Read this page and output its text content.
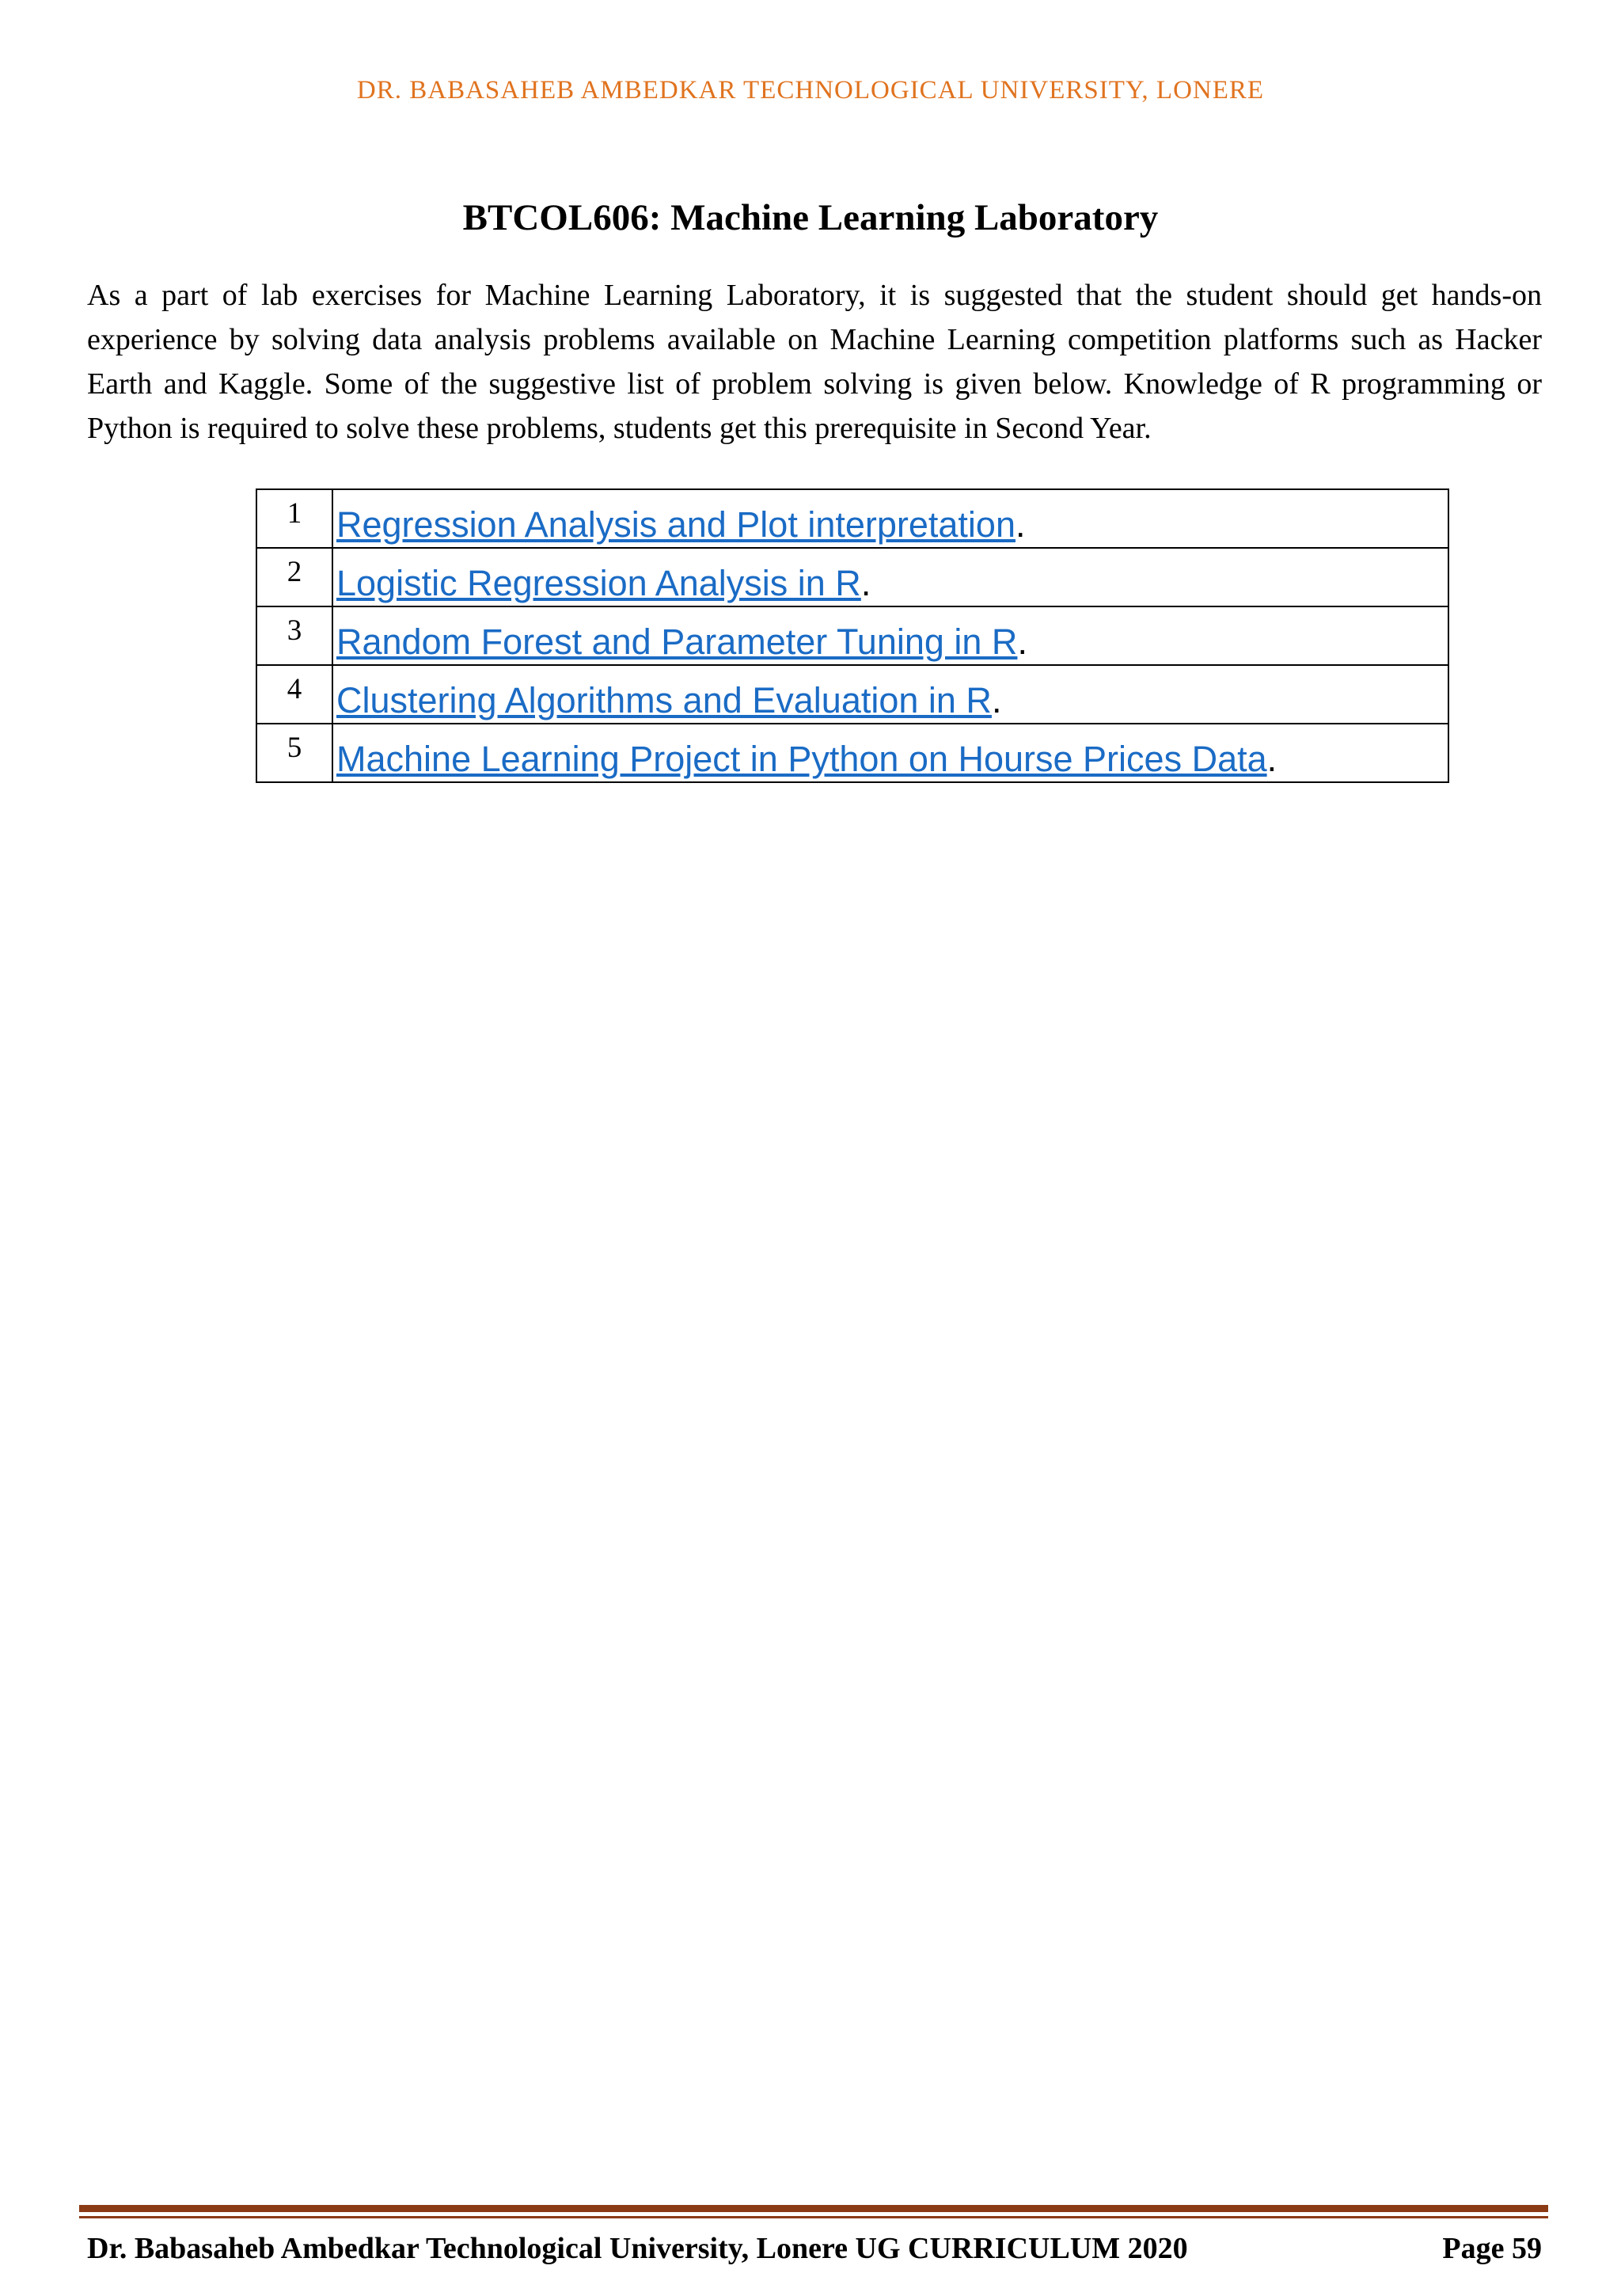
DR. BABASAHEB AMBEDKAR TECHNOLOGICAL UNIVERSITY, LONERE
BTCOL606: Machine Learning Laboratory

As a part of lab exercises for Machine Learning Laboratory, it is suggested that the student should get hands-on experience by solving data analysis problems available on Machine Learning competition platforms such as Hacker Earth and Kaggle. Some of the suggestive list of problem solving is given below. Knowledge of R programming or Python is required to solve these problems, students get this prerequisite in Second Year.

1	Regression Analysis and Plot interpretation.
2	Logistic Regression Analysis in R.
3	Random Forest and Parameter Tuning in R.
4	Clustering Algorithms and Evaluation in R.
5	Machine Learning Project in Python on Hourse Prices Data.
Dr. Babasaheb Ambedkar Technological University, Lonere UG CURRICULUM 2020	Page 59
